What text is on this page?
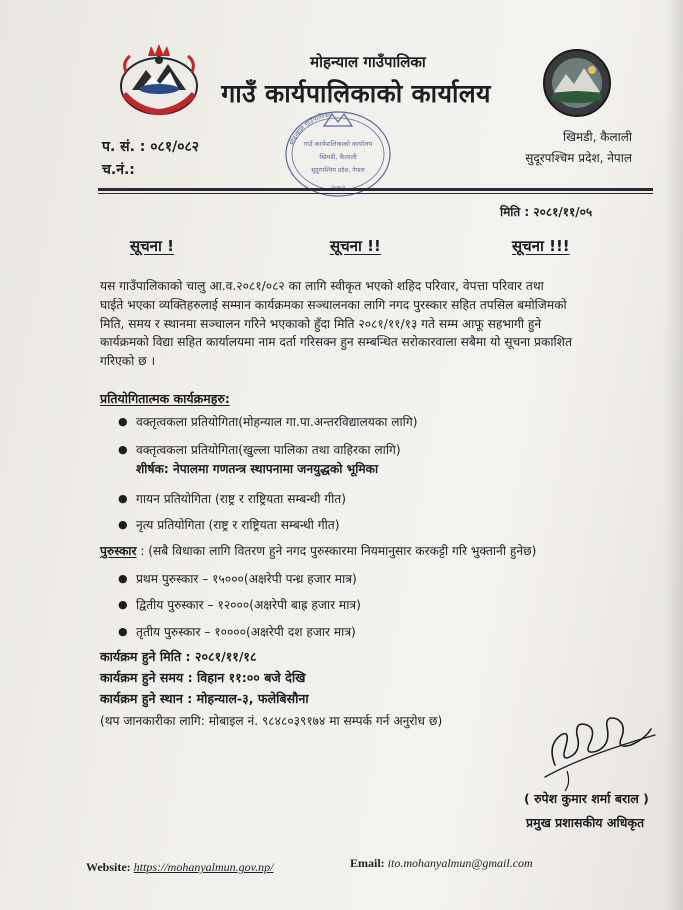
मोहन्याल गाउँपालिका
गाउँ कार्यपालिकाको कार्यालय
खिमडी, कैलाली
सुदूरपश्चिम प्रदेश, नेपाल
प. सं. : ०८१/०८२
च.नं.:
मोहन्याल गाउँपालिका
गाउँ कार्यपालिकाको कार्यालय
खिमडी, कैलाली
सुदूरपश्चिम प्रदेश, नेपाल
मिति : २०८१/११/०५
सूचना !	सूचना !!	सूचना !!!
यस गाउँपालिकाको चालु आ.व.२०८१/०८२ का लागि स्वीकृत भएको शहिद परिवार, वेपत्ता परिवार तथा
घाईते भएका व्यक्तिहरुलाई सम्मान कार्यक्रमका सञ्चालनका लागि नगद पुरस्कार सहित तपसिल बमोजिमको
मिति, समय र स्थानमा सञ्चालन गरिने भएकाको हुँदा मिति २०८१/११/१३ गते सम्म आफू सहभागी हुने
कार्यक्रमको विद्या सहित कार्यालयमा नाम दर्ता गरिसक्न हुन सम्बन्धित सरोकारवाला सबैमा यो सूचना प्रकाशित
गरिएको छ ।
प्रतियोगितात्मक कार्यक्रमहरु:
● वक्तृत्वकला प्रतियोगिता(मोहन्याल गा.पा.अन्तरविद्यालयका लागि)
● वक्तृत्वकला प्रतियोगिता(खुल्ला पालिका तथा वाहिरका लागि)
शीर्षक: नेपालमा गणतन्त्र स्थापनामा जनयुद्धको भूमिका
● गायन प्रतियोगिता (राष्ट्र र राष्ट्रियता सम्बन्धी गीत)
● नृत्य प्रतियोगिता (राष्ट्र र राष्ट्रियता सम्बन्धी गीत)
पुरुस्कार : (सबै विधाका लागि वितरण हुने नगद पुरुस्कारमा नियमानुसार करकट्टी गरि भुक्तानी हुनेछ)
● प्रथम पुरुस्कार – १५०००(अक्षरेपी पन्ध्र हजार मात्र)
● द्वितीय पुरुस्कार – १२०००(अक्षरेपी बाह्र हजार मात्र)
● तृतीय पुरुस्कार – १००००(अक्षरेपी दश हजार मात्र)
कार्यक्रम हुने मिति : २०८१/११/१८
कार्यक्रम हुने समय : विहान ११:०० बजे देखि
कार्यक्रम हुने स्थान : मोहन्याल-३, फलेबिसौना
(थप जानकारीका लागि: मोबाइल नं. ९८४८०३९१७४ मा सम्पर्क गर्न अनुरोध छ)
( रुपेश कुमार शर्मा बराल )
प्रमुख प्रशासकीय अधिकृत
Website: https://mohanyalmun.gov.np/	Email: ito.mohanyalmun@gmail.com
